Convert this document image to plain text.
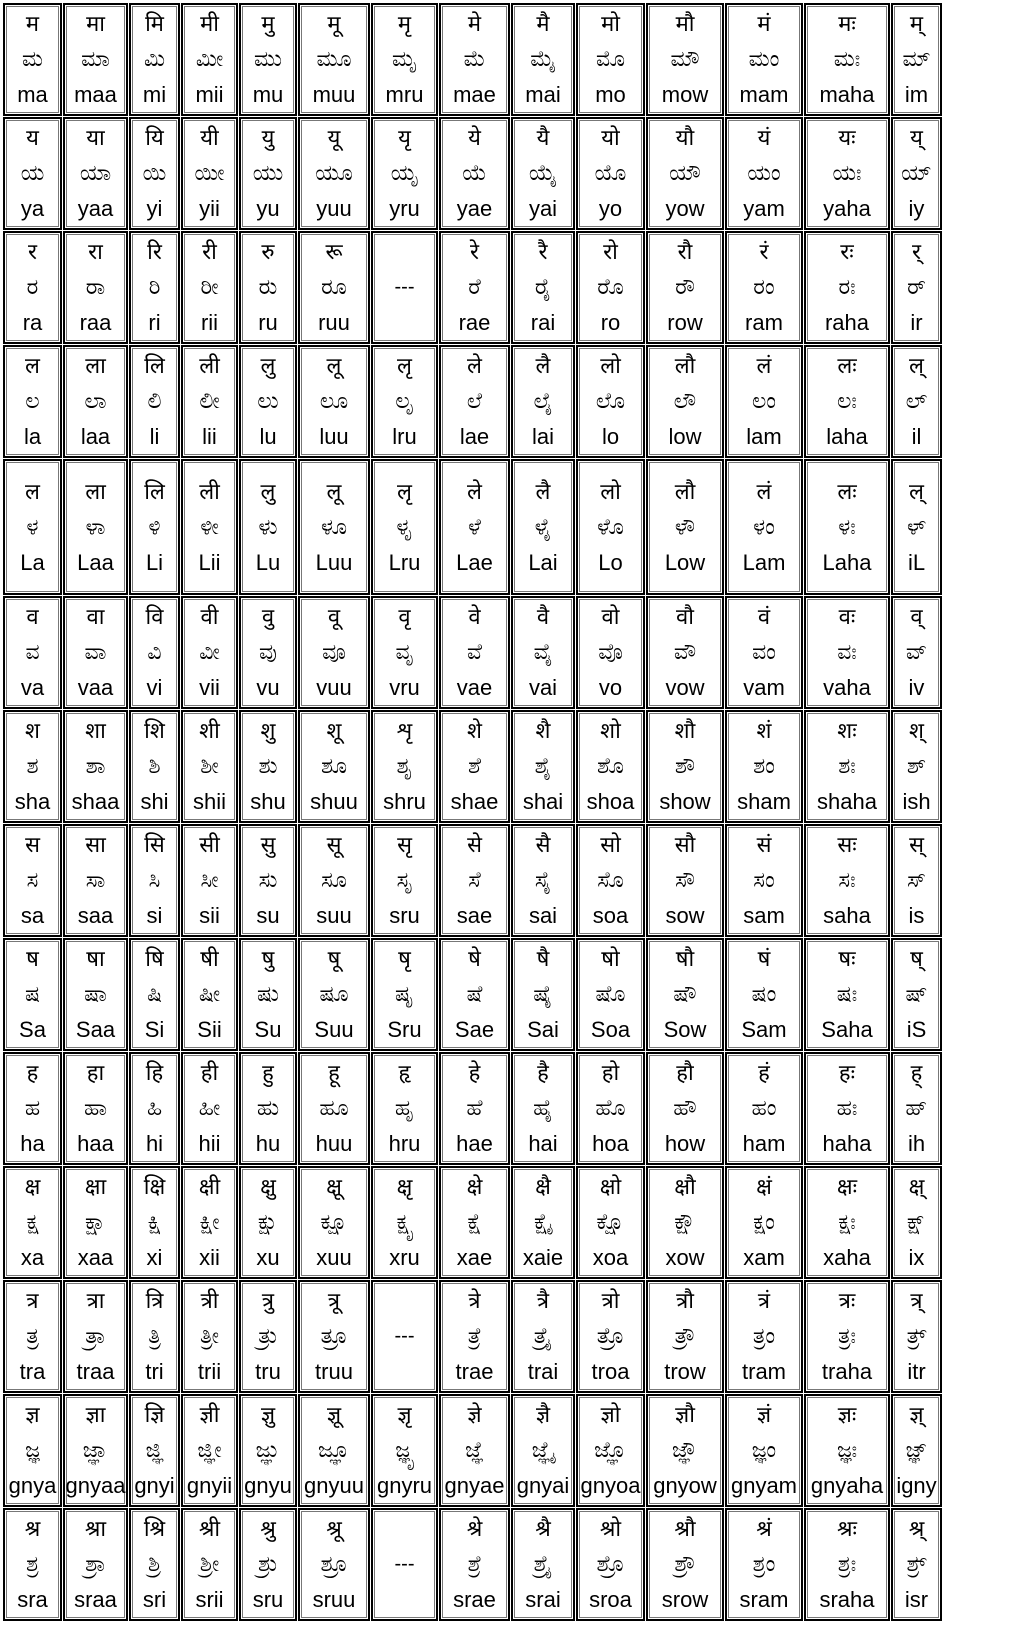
म
ಮ
ma
मा
ಮಾ
maa
मि
ಮಿ
mi
मी
ಮೀ
mii
मु
ಮು
mu
मू
ಮೂ
muu
मृ
ಮೃ
mru
मे
ಮೆ
mae
मै
ಮೈ
mai
मो
ಮೊ
mo
मौ
ಮೌ
mow
मं
ಮಂ
mam
मः
ಮಃ
maha
म्
ಮ್
im
य
ಯ
ya
या
ಯಾ
yaa
यि
ಯಿ
yi
यी
ಯೀ
yii
यु
ಯು
yu
यू
ಯೂ
yuu
यृ
ಯೃ
yru
ये
ಯೆ
yae
यै
ಯೈ
yai
यो
ಯೊ
yo
यौ
ಯೌ
yow
यं
ಯಂ
yam
यः
ಯಃ
yaha
य्
ಯ್
iy
र
ರ
ra
रा
ರಾ
raa
रि
ರಿ
ri
री
ರೀ
rii
रु
ರು
ru
रू
ರೂ
ruu
---
रे
ರೆ
rae
रै
ರೈ
rai
रो
ರೊ
ro
रौ
ರೌ
row
रं
ರಂ
ram
रः
ರಃ
raha
र्
ರ್
ir
ल
ಲ
la
ला
ಲಾ
laa
लि
ಲಿ
li
ली
ಲೀ
lii
लु
ಲು
lu
लू
ಲೂ
luu
लृ
ಲೃ
lru
ले
ಲೆ
lae
लै
ಲೈ
lai
लो
ಲೊ
lo
लौ
ಲೌ
low
लं
ಲಂ
lam
लः
ಲಃ
laha
ल्
ಲ್
il
ल
ಳ
La
ला
ಳಾ
Laa
लि
ಳಿ
Li
ली
ಳೀ
Lii
लु
ಳು
Lu
लू
ಳೂ
Luu
लृ
ಳೃ
Lru
ले
ಳೆ
Lae
लै
ಳೈ
Lai
लो
ಳೊ
Lo
लौ
ಳೌ
Low
लं
ಳಂ
Lam
लः
ಳಃ
Laha
ल्
ಳ್
iL
व
ವ
va
वा
ವಾ
vaa
वि
ವಿ
vi
वी
ವೀ
vii
वु
ವು
vu
वू
ವೂ
vuu
वृ
ವೃ
vru
वे
ವೆ
vae
वै
ವೈ
vai
वो
ವೊ
vo
वौ
ವೌ
vow
वं
ವಂ
vam
वः
ವಃ
vaha
व्
ವ್
iv
श
ಶ
sha
शा
ಶಾ
shaa
शि
ಶಿ
shi
शी
ಶೀ
shii
शु
ಶು
shu
शू
ಶೂ
shuu
शृ
ಶೃ
shru
शे
ಶೆ
shae
शै
ಶೈ
shai
शो
ಶೊ
shoa
शौ
ಶೌ
show
शं
ಶಂ
sham
शः
ಶಃ
shaha
श्
ಶ್
ish
स
ಸ
sa
सा
ಸಾ
saa
सि
ಸಿ
si
सी
ಸೀ
sii
सु
ಸು
su
सू
ಸೂ
suu
सृ
ಸೃ
sru
से
ಸೆ
sae
सै
ಸೈ
sai
सो
ಸೊ
soa
सौ
ಸೌ
sow
सं
ಸಂ
sam
सः
ಸಃ
saha
स्
ಸ್
is
ष
ಷ
Sa
षा
ಷಾ
Saa
षि
ಷಿ
Si
षी
ಷೀ
Sii
षु
ಷು
Su
षू
ಷೂ
Suu
षृ
ಷೃ
Sru
षे
ಷೆ
Sae
षै
ಷೈ
Sai
षो
ಷೊ
Soa
षौ
ಷೌ
Sow
षं
ಷಂ
Sam
षः
ಷಃ
Saha
ष्
ಷ್
iS
ह
ಹ
ha
हा
ಹಾ
haa
हि
ಹಿ
hi
ही
ಹೀ
hii
हु
ಹು
hu
हू
ಹೂ
huu
हृ
ಹೃ
hru
हे
ಹೆ
hae
है
ಹೈ
hai
हो
ಹೊ
hoa
हौ
ಹೌ
how
हं
ಹಂ
ham
हः
ಹಃ
haha
ह्
ಹ್
ih
क्ष
ಕ್ಷ
xa
क्षा
ಕ್ಷಾ
xaa
क्षि
ಕ್ಷಿ
xi
क्षी
ಕ್ಷೀ
xii
क्षु
ಕ್ಷು
xu
क्षू
ಕ್ಷೂ
xuu
क्षृ
ಕ್ಷೃ
xru
क्षे
ಕ್ಷೆ
xae
क्षै
ಕ್ಷೈ
xaie
क्षो
ಕ್ಷೊ
xoa
क्षौ
ಕ್ಷೌ
xow
क्षं
ಕ್ಷಂ
xam
क्षः
ಕ್ಷಃ
xaha
क्ष्
ಕ್ಷ್
ix
त्र
ತ್ರ
tra
त्रा
ತ್ರಾ
traa
त्रि
ತ್ರಿ
tri
त्री
ತ್ರೀ
trii
त्रु
ತ್ರು
tru
त्रू
ತ್ರೂ
truu
---
त्रे
ತ್ರೆ
trae
त्रै
ತ್ರೈ
trai
त्रो
ತ್ರೊ
troa
त्रौ
ತ್ರೌ
trow
त्रं
ತ್ರಂ
tram
त्रः
ತ್ರಃ
traha
त्र्
ತ್ರ್
itr
ज्ञ
ಜ್ಞ
gnya
ज्ञा
ಜ್ಞಾ
gnyaa
ज्ञि
ಜ್ಞಿ
gnyi
ज्ञी
ಜ್ಞೀ
gnyii
ज्ञु
ಜ್ಞು
gnyu
ज्ञू
ಜ್ಞೂ
gnyuu
ज्ञृ
ಜ್ಞೃ
gnyru
ज्ञे
ಜ್ಞೆ
gnyae
ज्ञै
ಜ್ಞೈ
gnyai
ज्ञो
ಜ್ಞೊ
gnyoa
ज्ञौ
ಜ್ಞೌ
gnyow
ज्ञं
ಜ್ಞಂ
gnyam
ज्ञः
ಜ್ಞಃ
gnyaha
ज्ञ्
ಜ್ಞ್
igny
श्र
ಶ್ರ
sra
श्रा
ಶ್ರಾ
sraa
श्रि
ಶ್ರಿ
sri
श्री
ಶ್ರೀ
srii
श्रु
ಶ್ರು
sru
श्रू
ಶ್ರೂ
sruu
---
श्रे
ಶ್ರೆ
srae
श्रै
ಶ್ರೈ
srai
श्रो
ಶ್ರೊ
sroa
श्रौ
ಶ್ರೌ
srow
श्रं
ಶ್ರಂ
sram
श्रः
ಶ್ರಃ
sraha
श्र्
ಶ್ರ್
isr
